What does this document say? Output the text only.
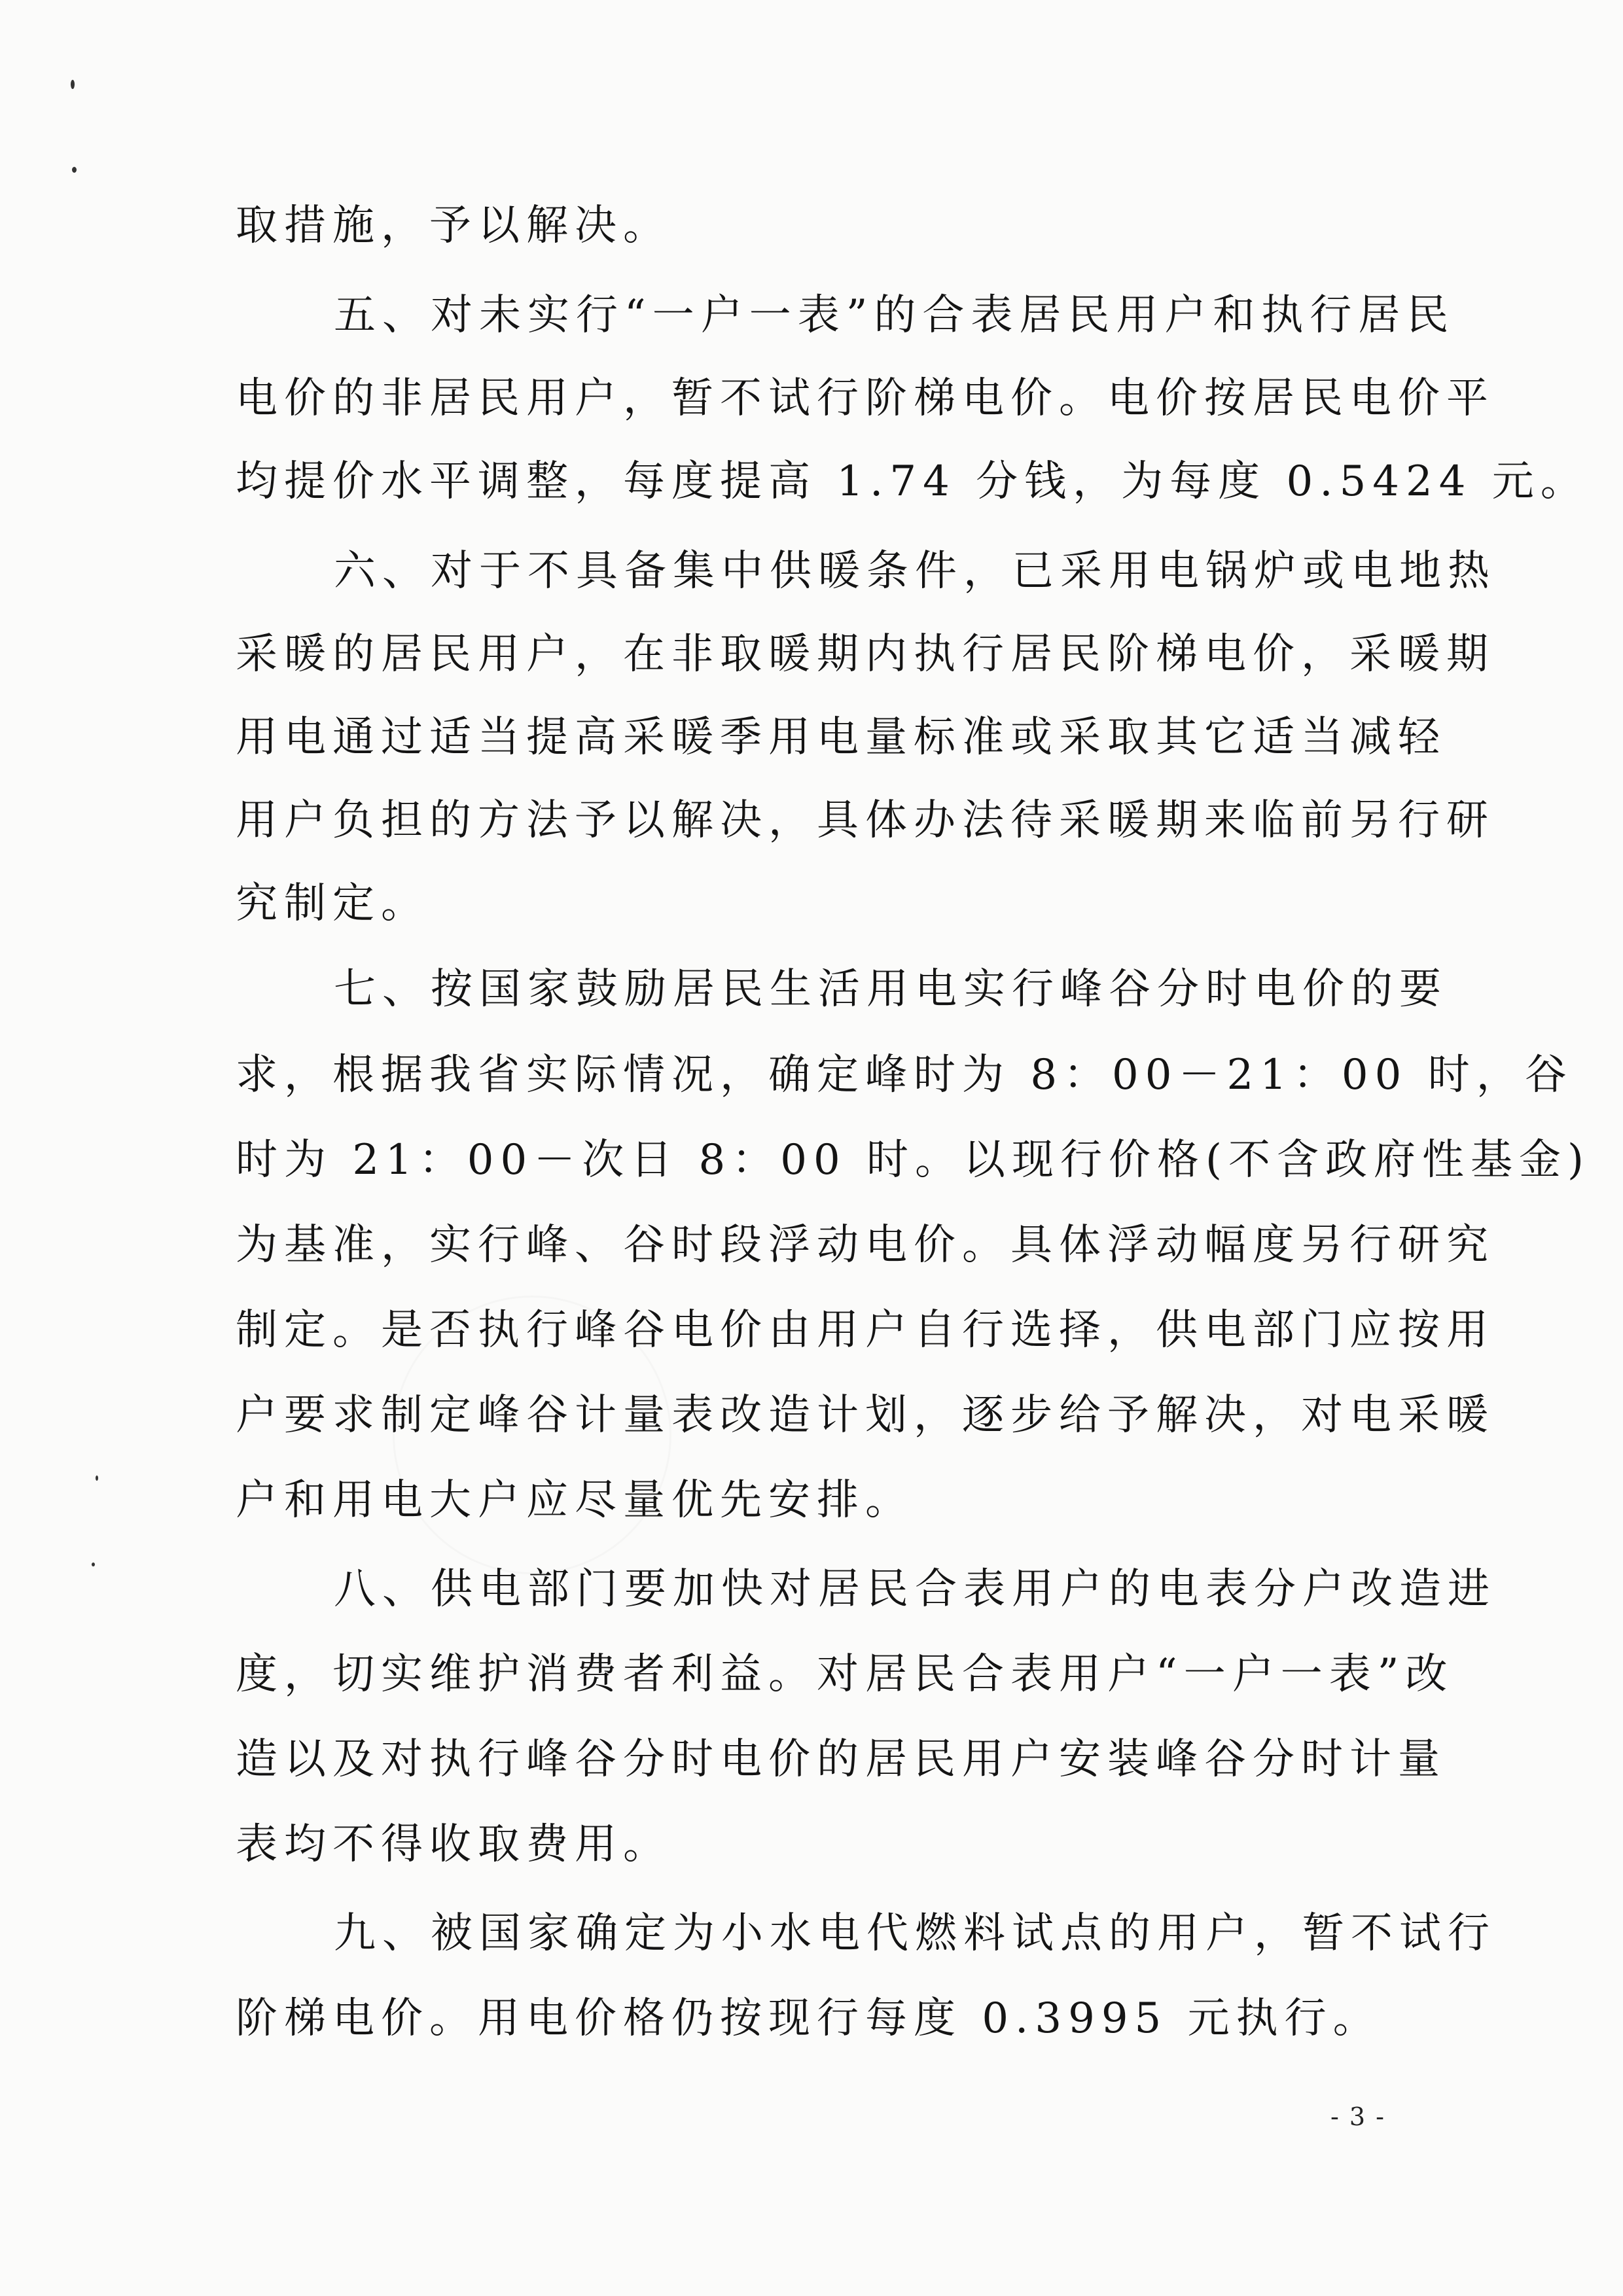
取措施，予以解决。
五、对未实行“一户一表”的合表居民用户和执行居民
电价的非居民用户，暂不试行阶梯电价。电价按居民电价平
均提价水平调整，每度提高 1.74 分钱，为每度 0.5424 元。
六、对于不具备集中供暖条件，已采用电锅炉或电地热
采暖的居民用户，在非取暖期内执行居民阶梯电价，采暖期
用电通过适当提高采暖季用电量标准或采取其它适当减轻
用户负担的方法予以解决，具体办法待采暖期来临前另行研
究制定。
七、按国家鼓励居民生活用电实行峰谷分时电价的要
求，根据我省实际情况，确定峰时为 8：00－21：00 时，谷
时为 21：00－次日 8：00 时。以现行价格(不含政府性基金)
为基准，实行峰、谷时段浮动电价。具体浮动幅度另行研究
制定。是否执行峰谷电价由用户自行选择，供电部门应按用
户要求制定峰谷计量表改造计划，逐步给予解决，对电采暖
户和用电大户应尽量优先安排。
八、供电部门要加快对居民合表用户的电表分户改造进
度，切实维护消费者利益。对居民合表用户“一户一表”改
造以及对执行峰谷分时电价的居民用户安装峰谷分时计量
表均不得收取费用。
九、被国家确定为小水电代燃料试点的用户，暂不试行
阶梯电价。用电价格仍按现行每度 0.3995 元执行。
- 3 -
